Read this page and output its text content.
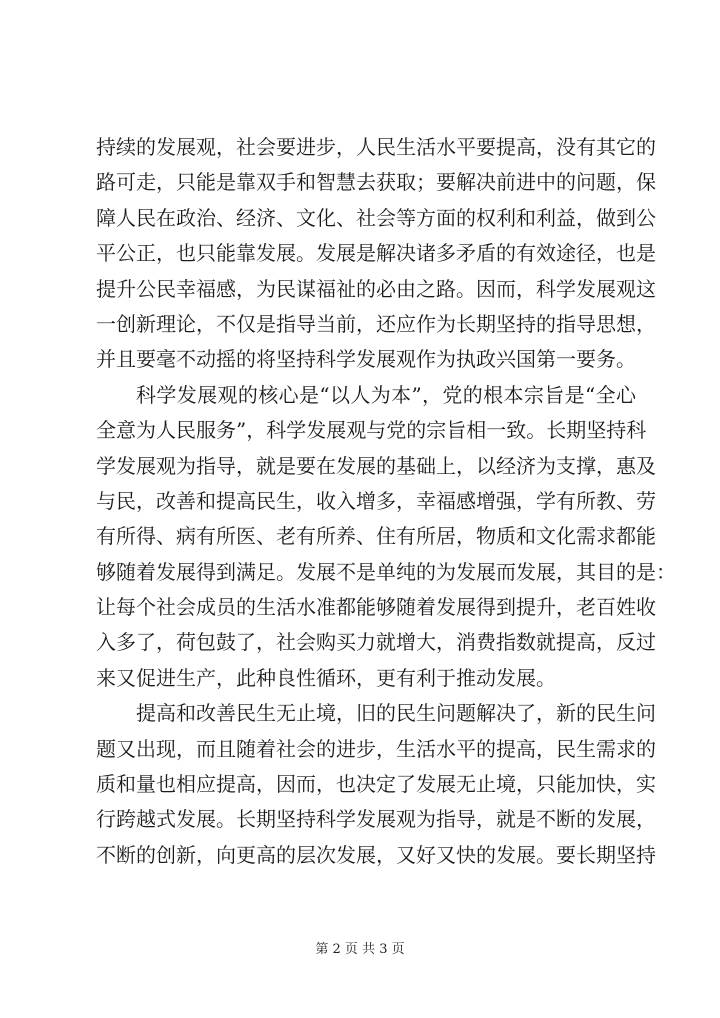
持续的发展观，社会要进步，人民生活水平要提高，没有其它的
路可走，只能是靠双手和智慧去获取；要解决前进中的问题，保
障人民在政治、经济、文化、社会等方面的权利和利益，做到公
平公正，也只能靠发展。发展是解决诸多矛盾的有效途径，也是
提升公民幸福感，为民谋福祉的必由之路。因而，科学发展观这
一创新理论，不仅是指导当前，还应作为长期坚持的指导思想，
并且要毫不动摇的将坚持科学发展观作为执政兴国第一要务。
科学发展观的核心是“以人为本”，党的根本宗旨是“全心
全意为人民服务”，科学发展观与党的宗旨相一致。长期坚持科
学发展观为指导，就是要在发展的基础上，以经济为支撑，惠及
与民，改善和提高民生，收入增多，幸福感增强，学有所教、劳
有所得、病有所医、老有所养、住有所居，物质和文化需求都能
够随着发展得到满足。发展不是单纯的为发展而发展，其目的是：
让每个社会成员的生活水准都能够随着发展得到提升，老百姓收
入多了，荷包鼓了，社会购买力就增大，消费指数就提高，反过
来又促进生产，此种良性循环，更有利于推动发展。
提高和改善民生无止境，旧的民生问题解决了，新的民生问
题又出现，而且随着社会的进步，生活水平的提高，民生需求的
质和量也相应提高，因而，也决定了发展无止境，只能加快，实
行跨越式发展。长期坚持科学发展观为指导，就是不断的发展，
不断的创新，向更高的层次发展，又好又快的发展。要长期坚持
第 2 页 共 3 页
